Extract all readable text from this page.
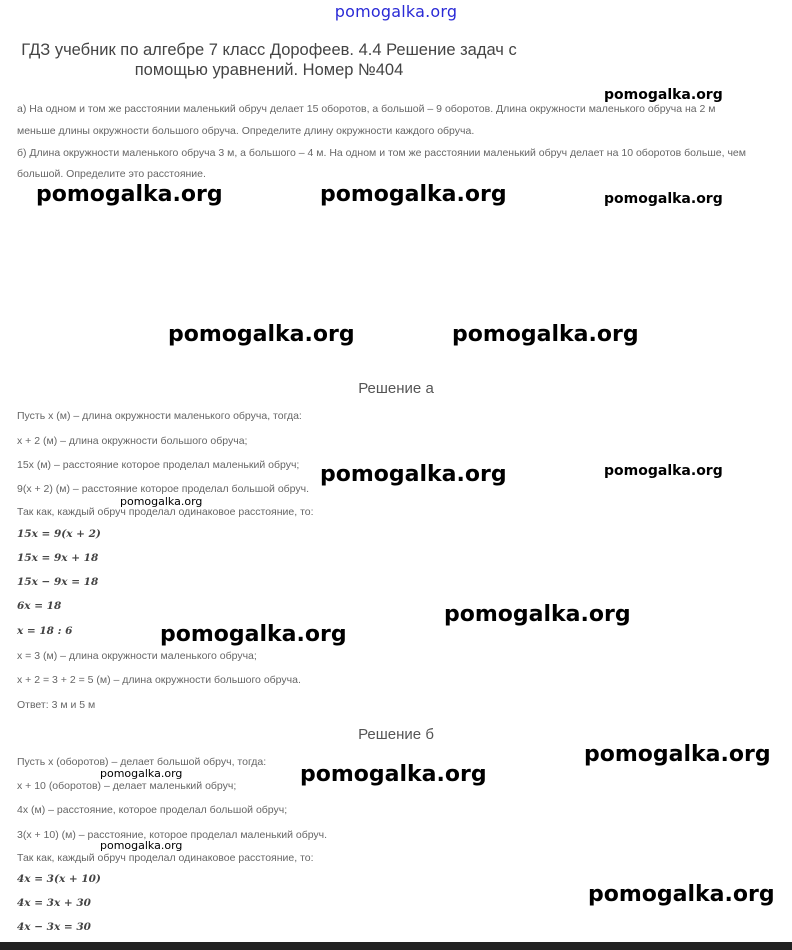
pomogalka.org
ГДЗ учебник по алгебре 7 класс Дорофеев. 4.4 Решение задач с помощью уравнений. Номер №404
а) На одном и том же расстоянии маленький обруч делает 15 оборотов, а большой – 9 оборотов. Длина окружности маленького обруча на 2 м
меньше длины окружности большого обруча. Определите длину окружности каждого обруча.
б) Длина окружности маленького обруча 3 м, а большого – 4 м. На одном и том же расстоянии маленький обруч делает на 10 оборотов больше, чем
большой. Определите это расстояние.
Решение а
Пусть x (м) – длина окружности маленького обруча, тогда:
x + 2 (м) – длина окружности большого обруча;
15x (м) – расстояние которое проделал маленький обруч;
9(x + 2) (м) – расстояние которое проделал большой обруч.
Так как, каждый обруч проделал одинаковое расстояние, то:
15x = 9(x + 2)
15x = 9x + 18
15x − 9x = 18
6x = 18
x = 18 : 6
x = 3 (м) – длина окружности маленького обруча;
x + 2 = 3 + 2 = 5 (м) – длина окружности большого обруча.
Ответ: 3 м и 5 м
Решение б
Пусть x (оборотов) – делает большой обруч, тогда:
x + 10 (оборотов) – делает маленький обруч;
4x (м) – расстояние, которое проделал большой обруч;
3(x + 10) (м) – расстояние, которое проделал маленький обруч.
Так как, каждый обруч проделал одинаковое расстояние, то:
4x = 3(x + 10)
4x = 3x + 30
4x − 3x = 30
pomogalka.org
pomogalka.org	pomogalka.org	pomogalka.org
pomogalka.org	pomogalka.org
pomogalka.org	pomogalka.org
pomogalka.org
pomogalka.org
pomogalka.org
pomogalka.org
pomogalka.org
pomogalka.org
pomogalka.org
pomogalka.org
